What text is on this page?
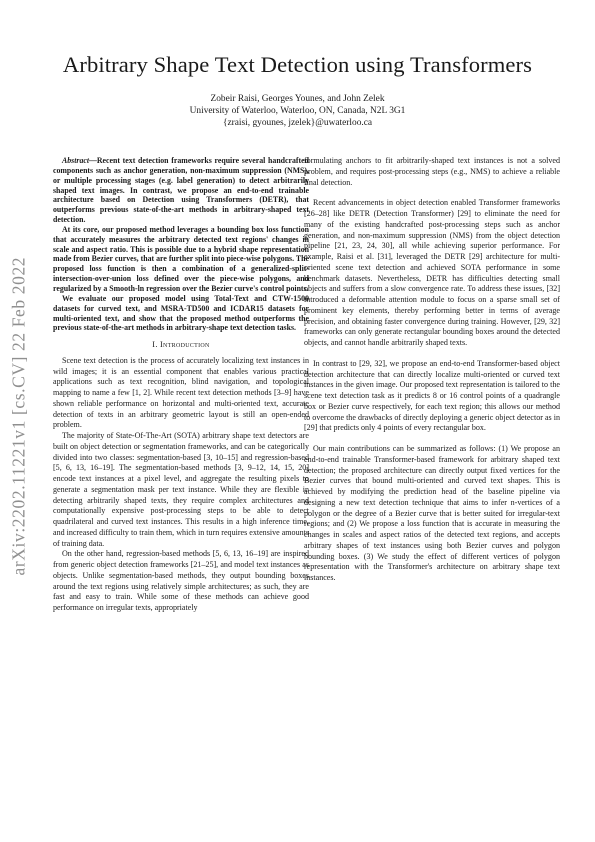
arXiv:2202.11221v1 [cs.CV] 22 Feb 2022
Arbitrary Shape Text Detection using Transformers
Zobeir Raisi, Georges Younes, and John Zelek
University of Waterloo, Waterloo, ON, Canada, N2L 3G1
{zraisi, gyounes, jzelek}@uwaterloo.ca

Abstract—Recent text detection frameworks require several handcrafted components such as anchor generation, non-maximum suppression (NMS), or multiple processing stages (e.g. label generation) to detect arbitrarily shaped text images. In contrast, we propose an end-to-end trainable architecture based on Detection using Transformers (DETR), that outperforms previous state-of-the-art methods in arbitrary-shaped text detection.

At its core, our proposed method leverages a bounding box loss function that accurately measures the arbitrary detected text regions' changes in scale and aspect ratio. This is possible due to a hybrid shape representation made from Bezier curves, that are further split into piece-wise polygons. The proposed loss function is then a combination of a generalized-split-intersection-over-union loss defined over the piece-wise polygons, and regularized by a Smooth-ln regression over the Bezier curve's control points.

We evaluate our proposed model using Total-Text and CTW-1500 datasets for curved text, and MSRA-TD500 and ICDAR15 datasets for multi-oriented text, and show that the proposed method outperforms the previous state-of-the-art methods in arbitrary-shape text detection tasks.

I. Introduction

Scene text detection is the process of accurately localizing text instances in wild images; it is an essential component that enables various practical applications such as text recognition, blind navigation, and topological mapping to name a few [1, 2]. While recent text detection methods [3–9] have shown reliable performance on horizontal and multi-oriented text, accurate detection of texts in an arbitrary geometric layout is still an open-ended problem.

The majority of State-Of-The-Art (SOTA) arbitrary shape text detectors are built on object detection or segmentation frameworks, and can be categorically divided into two classes: segmentation-based [3, 10–15] and regression-based [5, 6, 13, 16–19]. The segmentation-based methods [3, 9–12, 14, 15, 20] encode text instances at a pixel level, and aggregate the resulting pixels to generate a segmentation mask per text instance. While they are flexible in detecting arbitrarily shaped texts, they require complex architectures and computationally expensive post-processing steps to be able to detect quadrilateral and curved text instances. This results in a high inference time, and increased difficulty to train them, which in turn requires extensive amounts of training data.

On the other hand, regression-based methods [5, 6, 13, 16–19] are inspired from generic object detection frameworks [21–25], and model text instances as objects. Unlike segmentation-based methods, they output bounding boxes around the text regions using relatively simple architectures; as such, they are fast and easy to train. While some of these methods can achieve good performance on irregular texts, appropriately

formulating anchors to fit arbitrarily-shaped text instances is not a solved problem, and requires post-processing steps (e.g., NMS) to achieve a reliable final detection.

Recent advancements in object detection enabled Transformer frameworks [26–28] like DETR (Detection Transformer) [29] to eliminate the need for many of the existing handcrafted post-processing steps such as anchor generation, and non-maximum suppression (NMS) from the object detection pipeline [21, 23, 24, 30], all while achieving superior performance. For example, Raisi et al. [31], leveraged the DETR [29] architecture for multi-oriented scene text detection and achieved SOTA performance in some benchmark datasets. Nevertheless, DETR has difficulties detecting small objects and suffers from a slow convergence rate. To address these issues, [32] introduced a deformable attention module to focus on a sparse small set of prominent key elements, thereby performing better in terms of average precision, and obtaining faster convergence during training. However, [29, 32] frameworks can only generate rectangular bounding boxes around the detected objects, and cannot handle arbitrarily shaped texts.

In contrast to [29, 32], we propose an end-to-end Transformer-based object detection architecture that can directly localize multi-oriented or curved text instances in the given image. Our proposed text representation is tailored to the scene text detection task as it predicts 8 or 16 control points of a quadrangle box or Bezier curve respectively, for each text region; this allows our method to overcome the drawbacks of directly deploying a generic object detector as in [29] that predicts only 4 points of every rectangular box.

Our main contributions can be summarized as follows: (1) We propose an end-to-end trainable Transformer-based framework for arbitrary shaped text detection; the proposed architecture can directly output fixed vertices for the Bezier curves that bound multi-oriented and curved text shapes. This is achieved by modifying the prediction head of the baseline pipeline via designing a new text detection technique that aims to infer n-vertices of a polygon or the degree of a Bezier curve that is better suited for irregular-text regions; and (2) We propose a loss function that is accurate in measuring the changes in scales and aspect ratios of the detected text regions, and accepts arbitrary shapes of text instances using both Bezier curves and polygon bounding boxes. (3) We study the effect of different vertices of polygon representation with the Transformer's architecture on arbitrary shape text instances.
